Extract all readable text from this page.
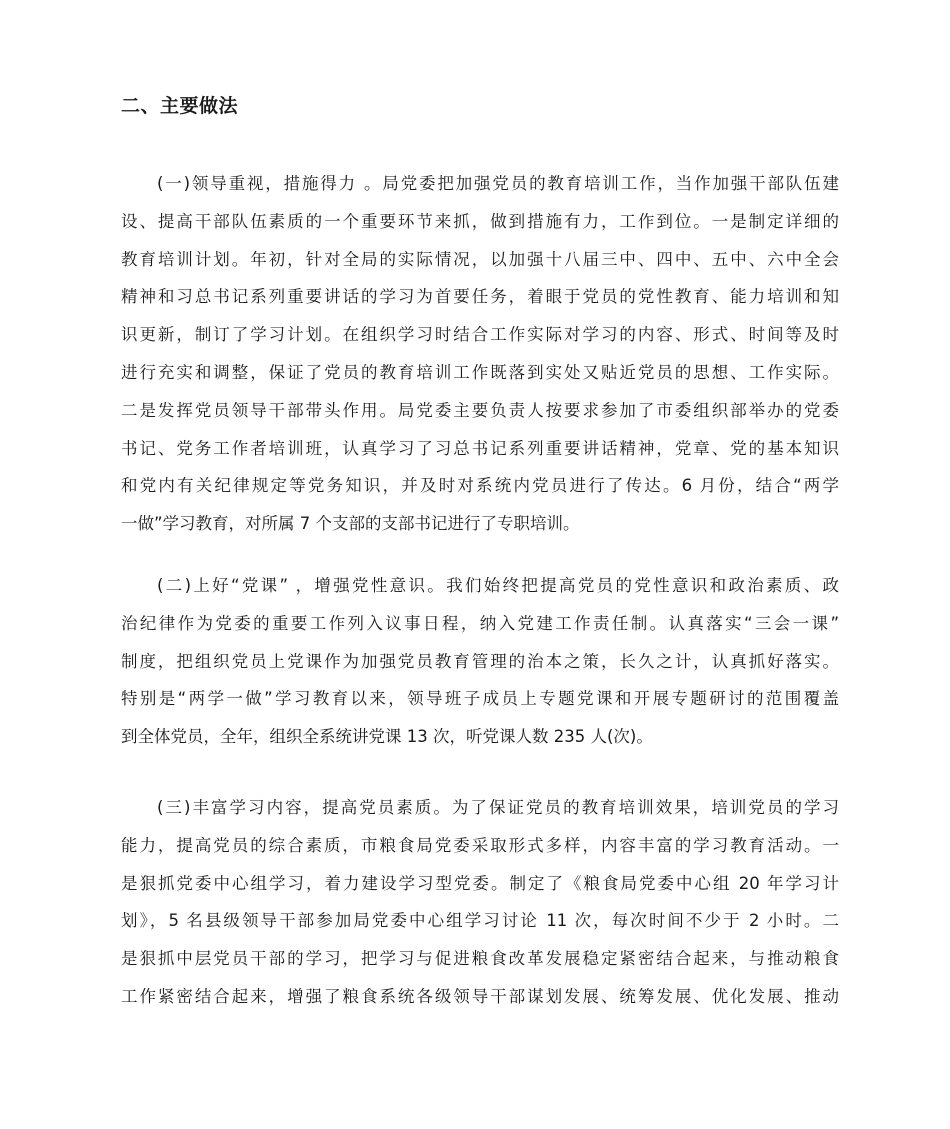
二、主要做法
(一)领导重视，措施得力 。局党委把加强党员的教育培训工作，当作加强干部队伍建
设、提高干部队伍素质的一个重要环节来抓，做到措施有力，工作到位。一是制定详细的
教育培训计划。年初，针对全局的实际情况，以加强十八届三中、四中、五中、六中全会
精神和习总书记系列重要讲话的学习为首要任务，着眼于党员的党性教育、能力培训和知
识更新，制订了学习计划。在组织学习时结合工作实际对学习的内容、形式、时间等及时
进行充实和调整，保证了党员的教育培训工作既落到实处又贴近党员的思想、工作实际。
二是发挥党员领导干部带头作用。局党委主要负责人按要求参加了市委组织部举办的党委
书记、党务工作者培训班，认真学习了习总书记系列重要讲话精神，党章、党的基本知识
和党内有关纪律规定等党务知识，并及时对系统内党员进行了传达。6 月份，结合“两学
一做”学习教育，对所属 7 个支部的支部书记进行了专职培训。
(二)上好“党课” ，增强党性意识。我们始终把提高党员的党性意识和政治素质、政
治纪律作为党委的重要工作列入议事日程，纳入党建工作责任制。认真落实“三会一课”
制度，把组织党员上党课作为加强党员教育管理的治本之策，长久之计，认真抓好落实。
特别是“两学一做”学习教育以来，领导班子成员上专题党课和开展专题研讨的范围覆盖
到全体党员，全年，组织全系统讲党课 13 次，听党课人数 235 人(次)。
(三)丰富学习内容，提高党员素质。为了保证党员的教育培训效果，培训党员的学习
能力，提高党员的综合素质，市粮食局党委采取形式多样，内容丰富的学习教育活动。一
是狠抓党委中心组学习，着力建设学习型党委。制定了《粮食局党委中心组 20 年学习计
划》，5 名县级领导干部参加局党委中心组学习讨论 11 次，每次时间不少于 2 小时。二
是狠抓中层党员干部的学习，把学习与促进粮食改革发展稳定紧密结合起来，与推动粮食
工作紧密结合起来，增强了粮食系统各级领导干部谋划发展、统筹发展、优化发展、推动
